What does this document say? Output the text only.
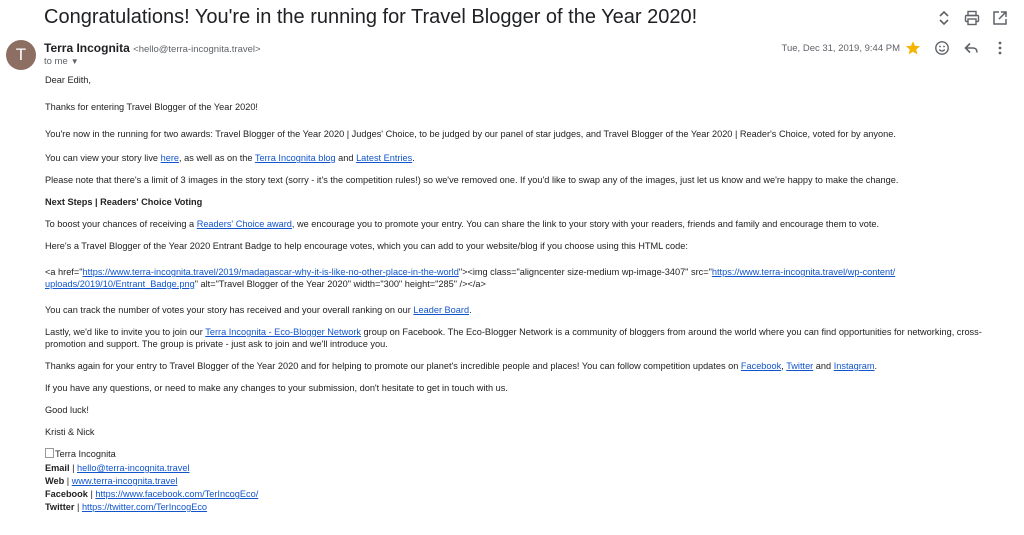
Congratulations! You're in the running for Travel Blogger of the Year 2020!
T	Terra Incognita <hello@terra-incognita.travel>
to me ▼
Tue, Dec 31, 2019, 9:44 PM

Dear Edith,

Thanks for entering Travel Blogger of the Year 2020!

You're now in the running for two awards: Travel Blogger of the Year 2020 | Judges' Choice, to be judged by our panel of star judges, and Travel Blogger of the Year 2020 | Reader's Choice, voted for by anyone.

You can view your story live here, as well as on the Terra Incognita blog and Latest Entries.

Please note that there's a limit of 3 images in the story text (sorry - it's the competition rules!) so we've removed one. If you'd like to swap any of the images, just let us know and we're happy to make the change.

Next Steps | Readers' Choice Voting

To boost your chances of receiving a Readers' Choice award, we encourage you to promote your entry. You can share the link to your story with your readers, friends and family and encourage them to vote.

Here's a Travel Blogger of the Year 2020 Entrant Badge to help encourage votes, which you can add to your website/blog if you choose using this HTML code:

<a href="https://www.terra-incognita.travel/2019/madagascar-why-it-is-like-no-other-place-in-the-world"><img class="aligncenter size-medium wp-image-3407" src="https://www.terra-incognita.travel/wp-content/
uploads/2019/10/Entrant_Badge.png" alt="Travel Blogger of the Year 2020" width="300" height="285" /></a>

You can track the number of votes your story has received and your overall ranking on our Leader Board.

Lastly, we'd like to invite you to join our Terra Incognita - Eco-Blogger Network group on Facebook. The Eco-Blogger Network is a community of bloggers from around the world where you can find opportunities for networking, cross-promotion and support. The group is private - just ask to join and we'll introduce you.

Thanks again for your entry to Travel Blogger of the Year 2020 and for helping to promote our planet's incredible people and places! You can follow competition updates on Facebook, Twitter and Instagram.

If you have any questions, or need to make any changes to your submission, don't hesitate to get in touch with us.

Good luck!

Kristi & Nick

Terra Incognita

Email | hello@terra-incognita.travel

Web | www.terra-incognita.travel

Facebook | https://www.facebook.com/TerIncogEco/

Twitter | https://twitter.com/TerIncogEco
